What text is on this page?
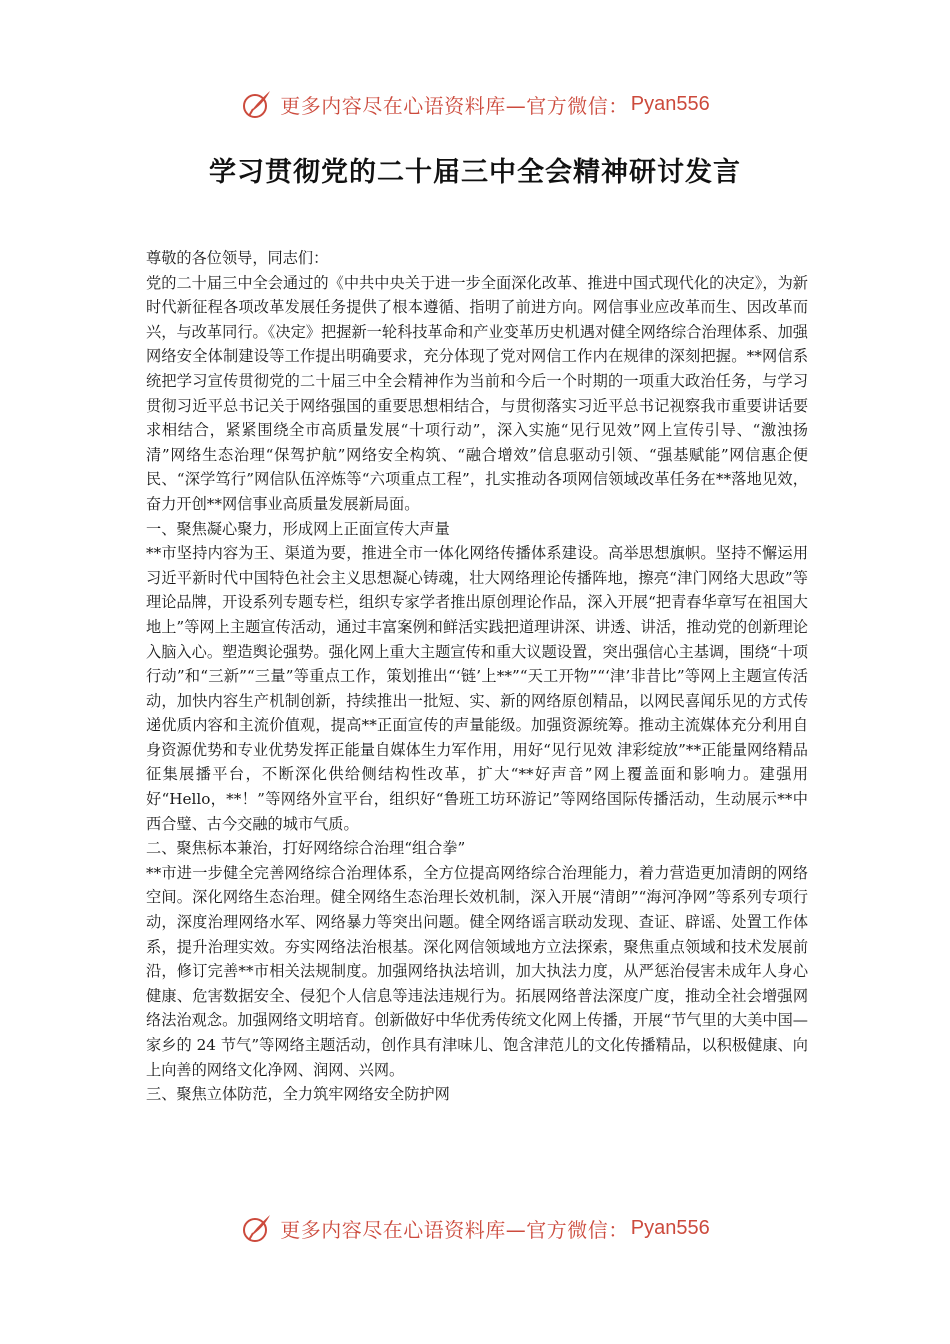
更多内容尽在心语资料库—官方微信： Pyan556
学习贯彻党的二十届三中全会精神研讨发言

尊敬的各位领导，同志们：

党的二十届三中全会通过的《中共中央关于进一步全面深化改革、推进中国式现代化的决定》，为新时代新征程各项改革发展任务提供了根本遵循、指明了前进方向。网信事业应改革而生、因改革而兴，与改革同行。《决定》把握新一轮科技革命和产业变革历史机遇对健全网络综合治理体系、加强网络安全体制建设等工作提出明确要求，充分体现了党对网信工作内在规律的深刻把握。**网信系统把学习宣传贯彻党的二十届三中全会精神作为当前和今后一个时期的一项重大政治任务，与学习贯彻习近平总书记关于网络强国的重要思想相结合，与贯彻落实习近平总书记视察我市重要讲话要求相结合，紧紧围绕全市高质量发展“十项行动”，深入实施“见行见效”网上宣传引导、“激浊扬清”网络生态治理“保驾护航”网络安全构筑、“融合增效”信息驱动引领、“强基赋能”网信惠企便民、“深学笃行”网信队伍淬炼等“六项重点工程”，扎实推动各项网信领域改革任务在**落地见效，奋力开创**网信事业高质量发展新局面。

一、聚焦凝心聚力，形成网上正面宣传大声量

**市坚持内容为王、渠道为要，推进全市一体化网络传播体系建设。高举思想旗帜。坚持不懈运用习近平新时代中国特色社会主义思想凝心铸魂，壮大网络理论传播阵地，擦亮“津门网络大思政”等理论品牌，开设系列专题专栏，组织专家学者推出原创理论作品，深入开展“把青春华章写在祖国大地上”等网上主题宣传活动，通过丰富案例和鲜活实践把道理讲深、讲透、讲活，推动党的创新理论入脑入心。塑造舆论强势。强化网上重大主题宣传和重大议题设置，突出强信心主基调，围绕“十项行动”和“三新”“三量”等重点工作，策划推出“‘链’上**”“天工开物”“‘津’非昔比”等网上主题宣传活动，加快内容生产机制创新，持续推出一批短、实、新的网络原创精品，以网民喜闻乐见的方式传递优质内容和主流价值观，提高**正面宣传的声量能级。加强资源统筹。推动主流媒体充分利用自身资源优势和专业优势发挥正能量自媒体生力军作用，用好“见行见效 津彩绽放”**正能量网络精品征集展播平台，不断深化供给侧结构性改革，扩大“**好声音”网上覆盖面和影响力。建强用好“Hello，**！”等网络外宣平台，组织好“鲁班工坊环游记”等网络国际传播活动，生动展示**中西合璧、古今交融的城市气质。

二、聚焦标本兼治，打好网络综合治理“组合拳”

**市进一步健全完善网络综合治理体系，全方位提高网络综合治理能力，着力营造更加清朗的网络空间。深化网络生态治理。健全网络生态治理长效机制，深入开展“清朗”“海河净网”等系列专项行动，深度治理网络水军、网络暴力等突出问题。健全网络谣言联动发现、查证、辟谣、处置工作体系，提升治理实效。夯实网络法治根基。深化网信领域地方立法探索，聚焦重点领域和技术发展前沿，修订完善**市相关法规制度。加强网络执法培训，加大执法力度，从严惩治侵害未成年人身心健康、危害数据安全、侵犯个人信息等违法违规行为。拓展网络普法深度广度，推动全社会增强网络法治观念。加强网络文明培育。创新做好中华优秀传统文化网上传播，开展“节气里的大美中国—家乡的 24 节气”等网络主题活动，创作具有津味儿、饱含津范儿的文化传播精品，以积极健康、向上向善的网络文化净网、润网、兴网。

三、聚焦立体防范，全力筑牢网络安全防护网

更多内容尽在心语资料库—官方微信： Pyan556
